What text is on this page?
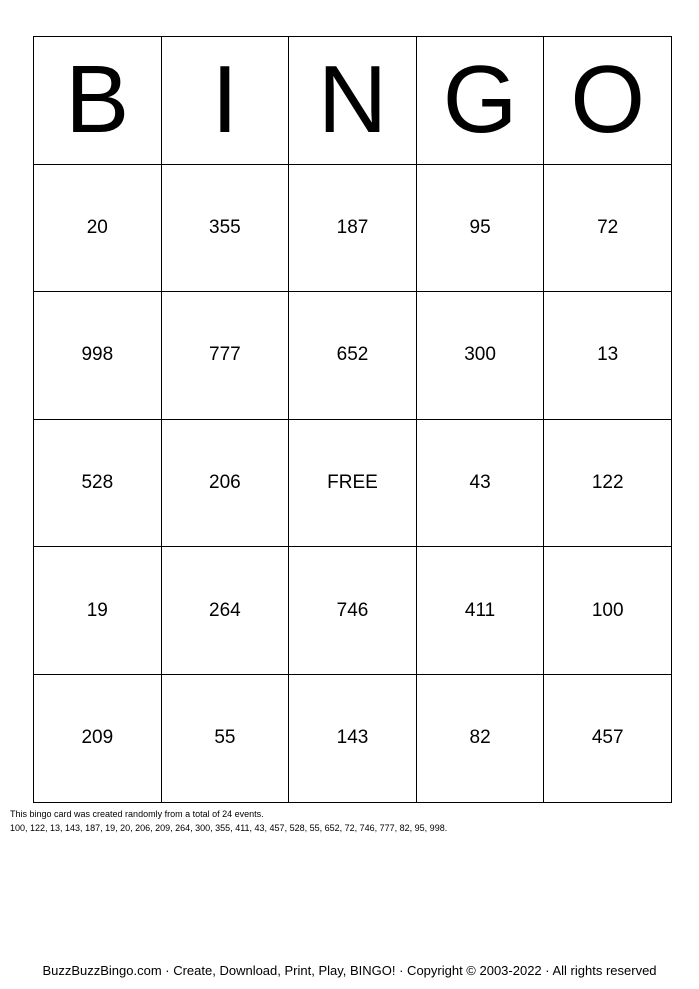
B	I	N	G	O
20	355	187	95	72
998	777	652	300	13
528	206	FREE	43	122
19	264	746	411	100
209	55	143	82	457

This bingo card was created randomly from a total of 24 events.

100, 122, 13, 143, 187, 19, 20, 206, 209, 264, 300, 355, 411, 43, 457, 528, 55, 652, 72, 746, 777, 82, 95, 998.

BuzzBuzzBingo.com · Create, Download, Print, Play, BINGO! · Copyright © 2003-2022 · All rights reserved
